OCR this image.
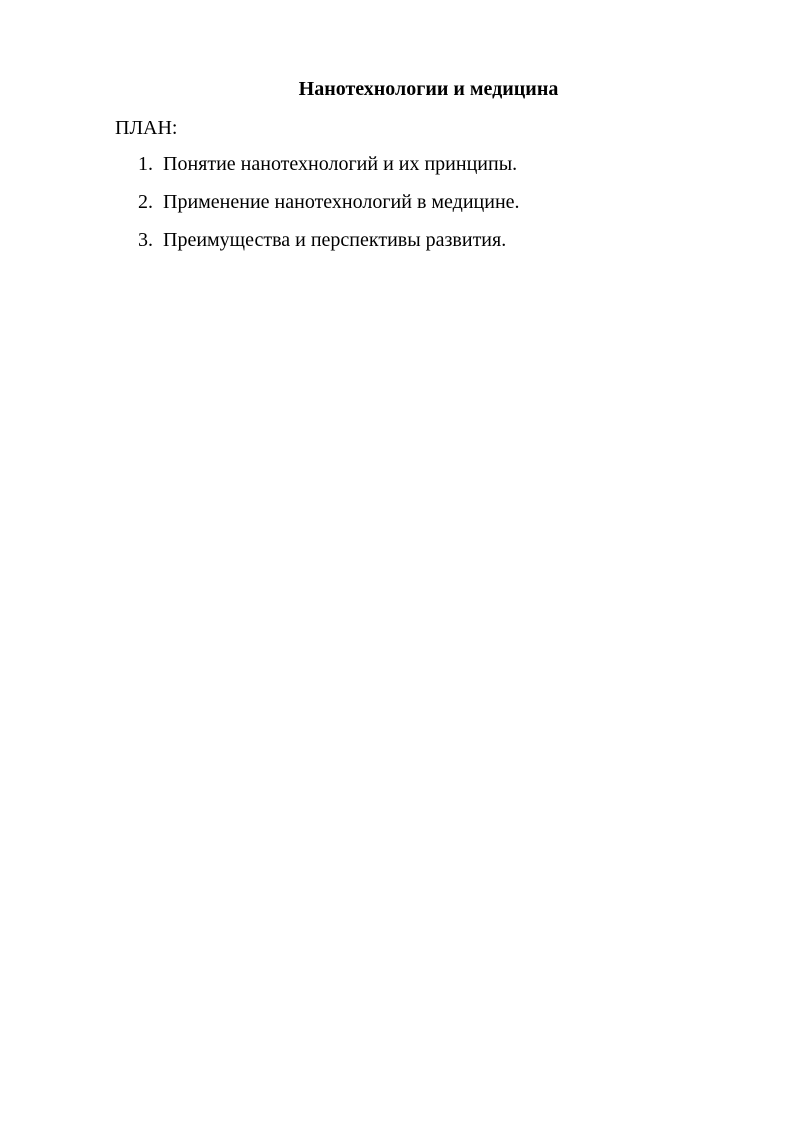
Нанотехнологии и медицина

ПЛАН:

1. Понятие нанотехнологий и их принципы.
2. Применение нанотехнологий в медицине.
3. Преимущества и перспективы развития.
